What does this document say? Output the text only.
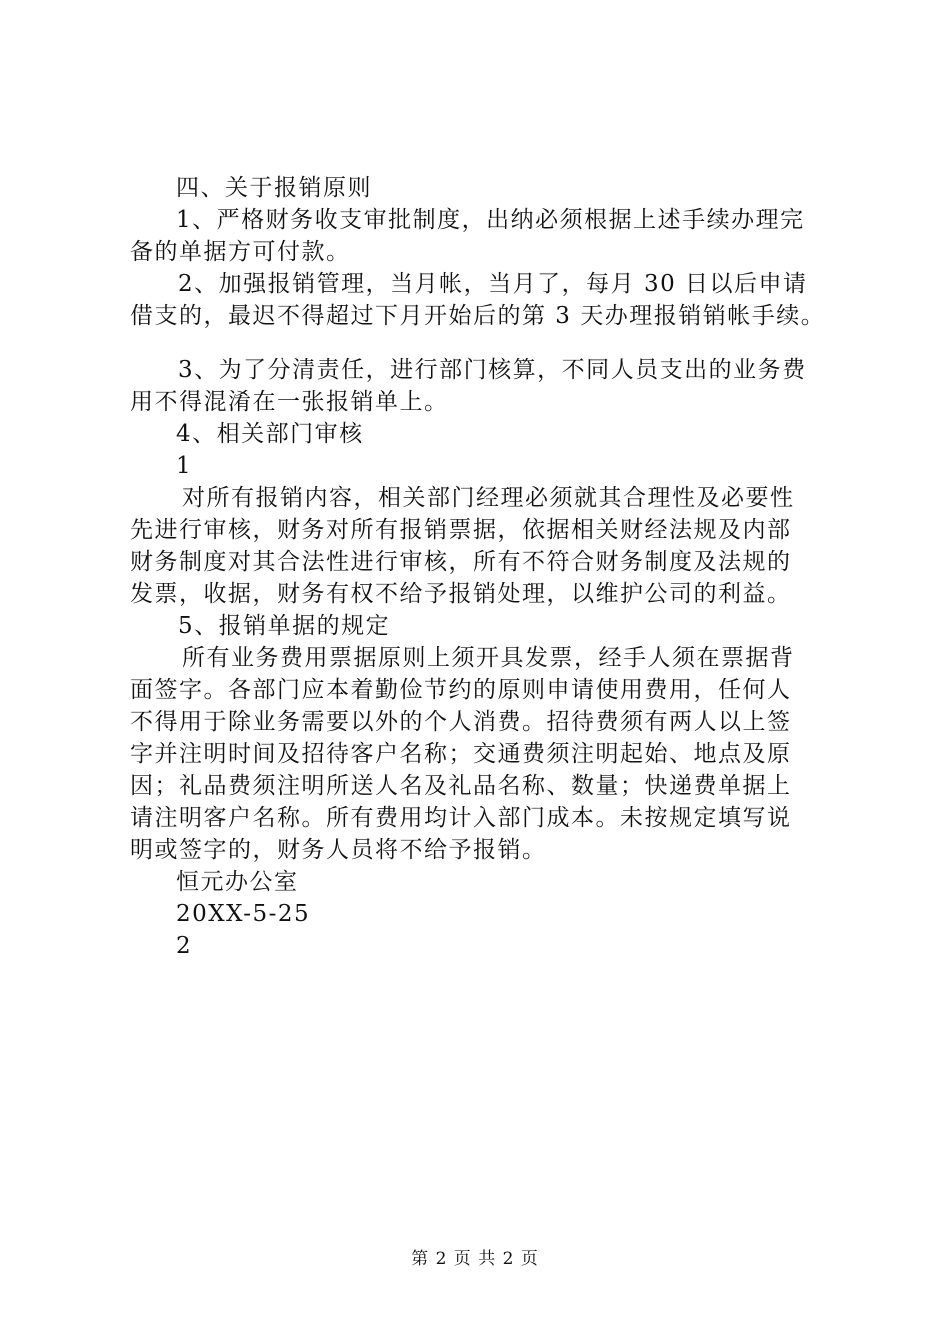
四、关于报销原则
1、严格财务收支审批制度，出纳必须根据上述手续办理完
备的单据方可付款。
2、加强报销管理，当月帐，当月了，每月 30 日以后申请
借支的，最迟不得超过下月开始后的第 3 天办理报销销帐手续。
3、为了分清责任，进行部门核算，不同人员支出的业务费
用不得混淆在一张报销单上。
4、相关部门审核
1
对所有报销内容，相关部门经理必须就其合理性及必要性
先进行审核，财务对所有报销票据，依据相关财经法规及内部
财务制度对其合法性进行审核，所有不符合财务制度及法规的
发票，收据，财务有权不给予报销处理，以维护公司的利益。
5、报销单据的规定
所有业务费用票据原则上须开具发票，经手人须在票据背
面签字。各部门应本着勤俭节约的原则申请使用费用，任何人
不得用于除业务需要以外的个人消费。招待费须有两人以上签
字并注明时间及招待客户名称；交通费须注明起始、地点及原
因；礼品费须注明所送人名及礼品名称、数量；快递费单据上
请注明客户名称。所有费用均计入部门成本。未按规定填写说
明或签字的，财务人员将不给予报销。
恒元办公室
20XX-5-25
2
第 2 页 共 2 页
